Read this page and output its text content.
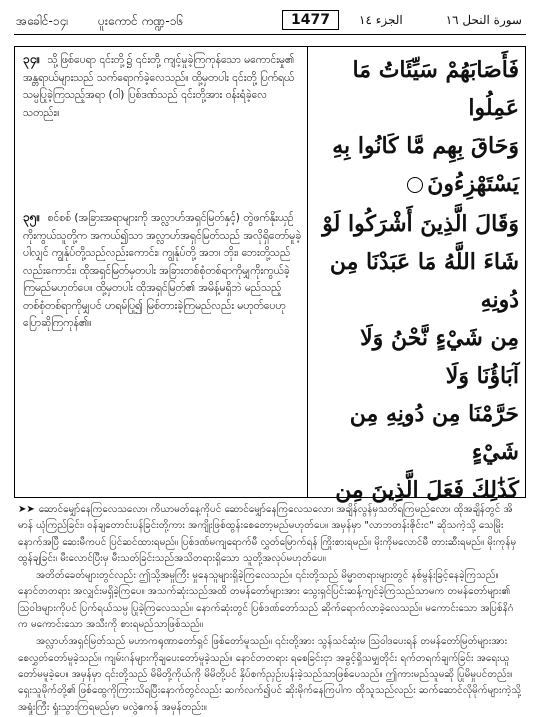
အခေါင်-၁၄၊ ပူးကောင် ကဏ္ဍ-၁၆	1477	الجزء ١٤	سورة النحل ١٦
၃၄။ သို့ဖြစ်ပေရာ ၎င်းတို့၌ ၎င်းတို့ ကျင့်မှုခဲ့ကြကုန်သော မကောင်းမှု၏ အန္တရာယ်များသည် သက်ရောက်ခဲ့လေသည်။ ထို့မှတပါး ၎င်းတို့ ပြက်ရယ်သမ္ပပြုခဲ့ကြသည့်အရာ (ဝါ) ပြစ်ဒဏ်သည် ၎င်းတို့အား ဝန်းရံခဲ့လေသတည်း။
၃၅။ စင်စစ် (အခြားအရာများကို အလ္လာဟ်အရှင်မြတ်နှင့်) တွဲဖက်နိုးယှဉ်ကိုးကွယ်သူတို့က အကယ်၍သာ အလ္လာဟ်အရှင်မြတ်သည် အလိုရှိတော်မူခဲ့ပါလျှင် ကျွန်ုပ်တို့သည်လည်းကောင်း၊ ကျွန်ုပ်တို့ အဘ၊ ဘိုး၊ ဘေးတို့သည်လည်းကောင်း၊ ထိုအရှင်မြတ်မှတပါး အခြားတစ်စုံတစ်ရာကိုမျှကိုးကွယ်ခဲ့ကြမည်မဟုတ်ပေ။ ထို့မှတပါး ထိုအရှင်မြတ်၏ အမိန့်မရှိဘဲ မည်သည့်တစ်စုံတစ်ရာကိုမျှပင် ဟရမ်ပြု၍ မြစ်တားခဲ့ကြမည်လည်း မဟုတ်ပေဟု ပြောဆိုကြကုန်၏။
فَأَصَابَهُمْ سَيِّئَاتُ مَا عَمِلُوا
وَحَاقَ بِهِم مَّا كَانُوا بِهِ
يَسْتَهْزِءُونَ
وَقَالَ الَّذِينَ أَشْرَكُوا لَوْ
شَاءَ اللَّهُ مَا عَبَدْنَا مِن دُونِهِ
مِن شَيْءٍ نَّحْنُ وَلَا آبَاؤُنَا وَلَا
حَرَّمْنَا مِن دُونِهِ مِن شَيْءٍ
كَذَٰلِكَ فَعَلَ الَّذِينَ مِن

➤➤ ဆောင်မျှော်နေကြလေသလော၊ ကိယာမတ်နေ့ကိုပင် ဆောင်မျှော်နေကြလေသလော၊ အချိန်လွန်မှသတိရကြမည်လော၊ ထိုအချိန်တွင် အိမာန် ယုံကြည်ခြင်း၊ ဝန်ချတောင်းပန်ခြင်းတို့ကား အကျိုးဖြစ်ထွန်းစေတော့မည်မဟုတ်ပေ။ အမှန်မှာ "လာဘတန်းဇိုင်းင" ဆိုသကဲ့သို့ သေမြိုးနောက်အပြီ ဆေးမီကပင် ပြင်ဆင်ထားရမည်။ ပြစ်ဒဏ်မကျရောက်မီ လွှတ်မြောက်ရန် ကြိုးစားရမည်။ မိုးကိုမလောင်မီ တားဆီးရမည်။ မိုးကုန်မှထွန်ချခြင်း၊ မီးလောင်ပြီးမှ မီးသတ်ခြင်းသည်အသိတရားရှိသော သူတို့အလုပ်မဟုတ်ပေ။

အတိတ်ခေတ်များတွင်လည်း ဤသို့အမှုကြီး မှုနေသူများရှိခဲ့ကြလေသည်။ ၎င်းတို့သည် မိမ္မာတရားများတွင် နစ်မွန်းခြင့်နေခဲ့ကြသည်။ နောင်တတရား အလျှင်းမရှိခဲ့ကြပေ။ အသက်ဆုံးသည်အထိ တမန်တော်များအား သွေးရှင်ပြင်းဆန့်ကျင်ခဲ့ကြသည်သာမက တမန်တော်များ၏ သြဝါဒများကိုပင် ပြက်ရယ်သမ္ပ ပြုခဲ့ကြလေသည်။ နောက်ဆုံးတွင် ပြစ်ဒဏ်တော်သည် ဆိုက်ရောက်လာခဲ့လေသည်။ မကောင်းသော အပြစ်နိဂံက မကောင်းသော အသီးကို စားရမည်သာဖြစ်သည်။

အလ္လာဟ်အရှင်မြတ်သည် မဟာကရုဏာတော်ရှင် ဖြစ်တော်မူသည်။ ၎င်းတို့အား သွန်သင်ဆုံးမ သြဝါဒပေးရန် တမန်တော်မြတ်များအားစေလွှတ်တော်မူခဲ့သည်။ ကျမ်းဂန်များကိုချပေးတော်မူခဲ့သည်။ နောင်တတရား ရစေခြင်းငှာ အခွင့်ရှိသမျှတိုင်း ရက်တရက်ချက်ခြင်း အရေးယူတော်မမူခဲ့ပေ။ အမှန်မှာ ၎င်းတို့သည် မိမိတို့ကိုယ်ကို မိမိတို့ပင် နှိပ်စက်ညှဉ်းပန်းခဲ့သည်သာဖြစ်ပေသည်။ ဤကားမည်သူမဆို ပြုမိမှုပင်တည်း။ ရှေးသူမိုက်တို့၏ ဖြစ်ထွေကိုကြားသိရပြီးနောက်တွင်လည်း ဆက်လက်၍ပင် ဆိုးမိုက်နေကြပါက ထိုသူသည်လည်း ဆက်ဆောင်လိုမိုက်များကဲ့သို့ အရှုံးကြီး ရှုံးသွားကြရမည်မှာ မလွဲဧကန် အမှန်တည်း။
